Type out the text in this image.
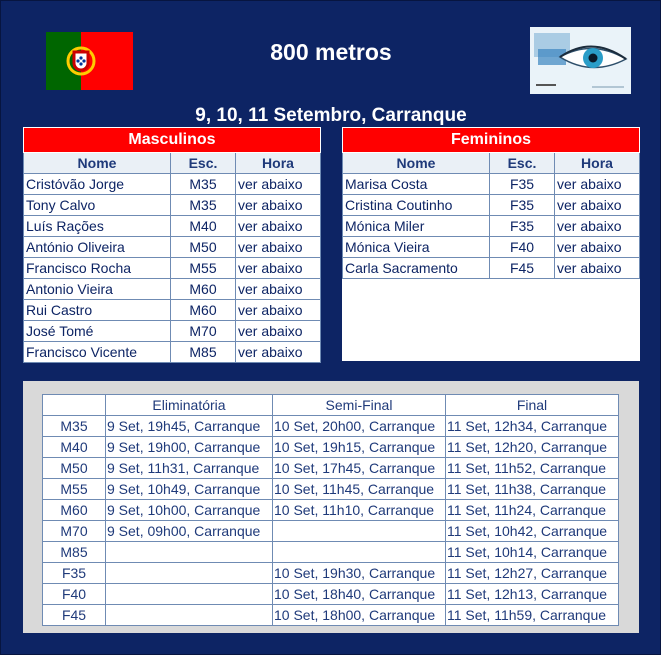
800 metros
9, 10, 11 Setembro, Carranque
Masculinos		
Nome	Esc.	Hora
Cristóvão Jorge	M35	ver abaixo
Tony Calvo	M35	ver abaixo
Luís Rações	M40	ver abaixo
António Oliveira	M50	ver abaixo
Francisco Rocha	M55	ver abaixo
Antonio Vieira	M60	ver abaixo
Rui Castro	M60	ver abaixo
José Tomé	M70	ver abaixo
Francisco Vicente	M85	ver abaixo
Femininos		
Nome	Esc.	Hora
Marisa Costa	F35	ver abaixo
Cristina Coutinho	F35	ver abaixo
Mónica Miler	F35	ver abaixo
Mónica Vieira	F40	ver abaixo
Carla Sacramento	F45	ver abaixo
	Eliminatória	Semi-Final	Final
M35	9 Set, 19h45, Carranque	10 Set, 20h00, Carranque	11 Set, 12h34, Carranque
M40	9 Set, 19h00, Carranque	10 Set, 19h15, Carranque	11 Set, 12h20, Carranque
M50	9 Set, 11h31, Carranque	10 Set, 17h45, Carranque	11 Set, 11h52, Carranque
M55	9 Set, 10h49, Carranque	10 Set, 11h45, Carranque	11 Set, 11h38, Carranque
M60	9 Set, 10h00, Carranque	10 Set, 11h10, Carranque	11 Set, 11h24, Carranque
M70	9 Set, 09h00, Carranque		11 Set, 10h42, Carranque
M85			11 Set, 10h14, Carranque
F35		10 Set, 19h30, Carranque	11 Set, 12h27, Carranque
F40		10 Set, 18h40, Carranque	11 Set, 12h13, Carranque
F45		10 Set, 18h00, Carranque	11 Set, 11h59, Carranque
